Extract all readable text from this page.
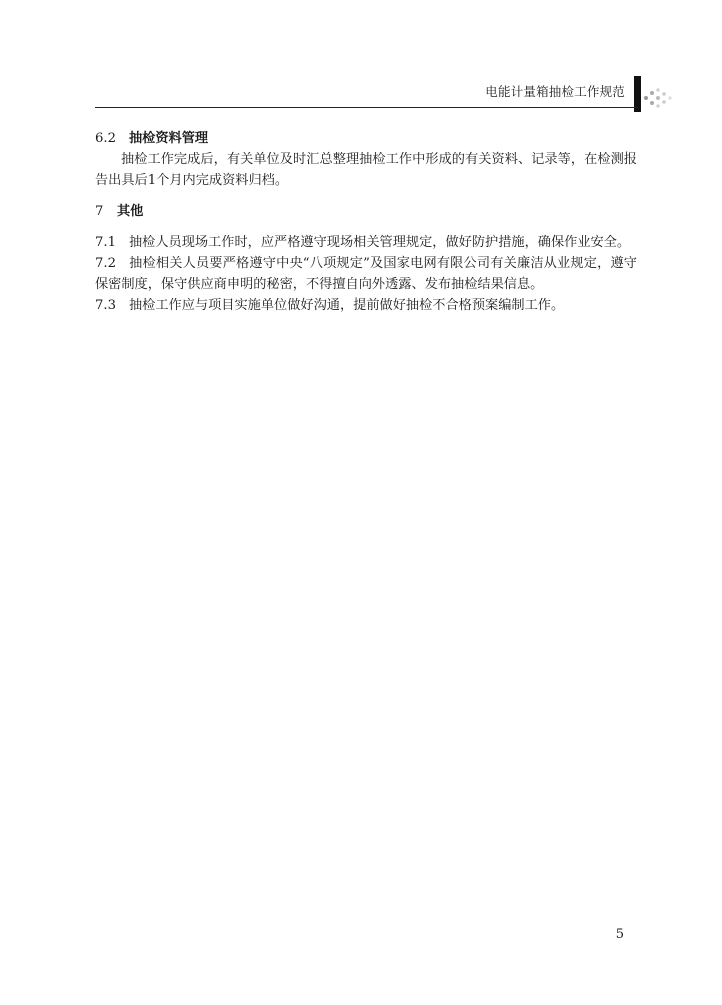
电能计量箱抽检工作规范

6.2 抽检资料管理

抽检工作完成后，有关单位及时汇总整理抽检工作中形成的有关资料、记录等，在检测报告出具后1个月内完成资料归档。

7 其他

7.1 抽检人员现场工作时，应严格遵守现场相关管理规定，做好防护措施，确保作业安全。

7.2 抽检相关人员要严格遵守中央“八项规定”及国家电网有限公司有关廉洁从业规定，遵守保密制度，保守供应商申明的秘密，不得擅自向外透露、发布抽检结果信息。

7.3 抽检工作应与项目实施单位做好沟通，提前做好抽检不合格预案编制工作。

5
